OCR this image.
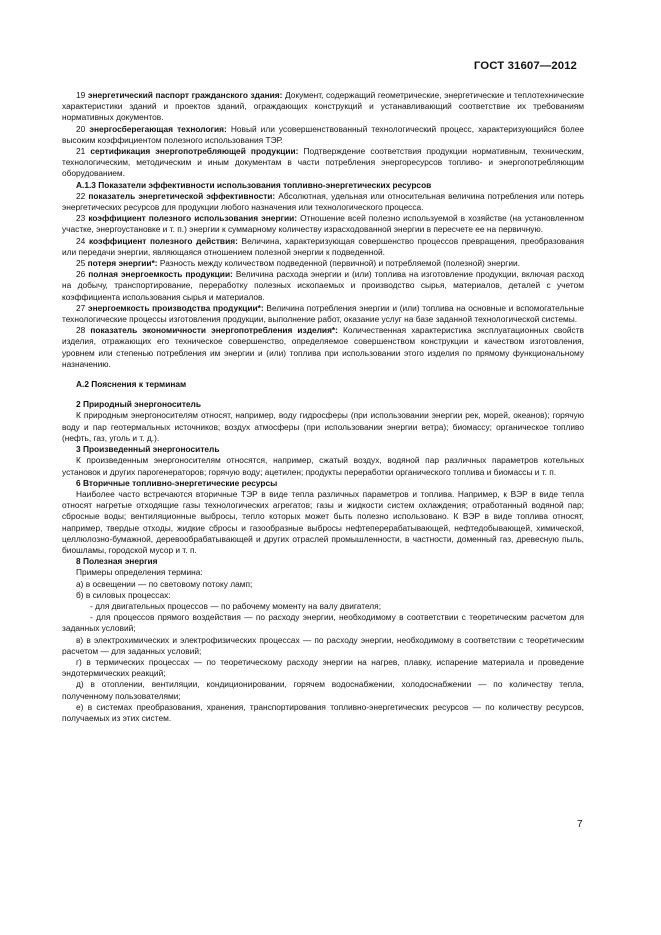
ГОСТ 31607—2012

19 энергетический паспорт гражданского здания: Документ, содержащий геометрические, энергетические и теплотехнические характеристики зданий и проектов зданий, ограждающих конструкций и устанавливающий соответствие их требованиям нормативных документов.

20 энергосберегающая технология: Новый или усовершенствованный технологический процесс, характеризующийся более высоким коэффициентом полезного использования ТЭР.

21 сертификация энергопотребляющей продукции: Подтверждение соответствия продукции нормативным, техническим, технологическим, методическим и иным документам в части потребления энергоресурсов топливо- и энергопотребляющим оборудованием.

А.1.3 Показатели эффективности использования топливно-энергетических ресурсов

22 показатель энергетической эффективности: Абсолютная, удельная или относительная величина потребления или потерь энергетических ресурсов для продукции любого назначения или технологического процесса.

23 коэффициент полезного использования энергии: Отношение всей полезно используемой в хозяйстве (на установленном участке, энергоустановке и т. п.) энергии к суммарному количеству израсходованной энергии в пересчете ее на первичную.

24 коэффициент полезного действия: Величина, характеризующая совершенство процессов превращения, преобразования или передачи энергии, являющаяся отношением полезной энергии к подведенной.

25 потеря энергии*: Разность между количеством подведенной (первичной) и потребляемой (полезной) энергии.

26 полная энергоемкость продукции: Величина расхода энергии и (или) топлива на изготовление продукции, включая расход на добычу, транспортирование, переработку полезных ископаемых и производство сырья, материалов, деталей с учетом коэффициента использования сырья и материалов.

27 энергоемкость производства продукции*: Величина потребления энергии и (или) топлива на основные и вспомогательные технологические процессы изготовления продукции, выполнение работ, оказание услуг на базе заданной технологической системы.

28 показатель экономичности энергопотребления изделия*: Количественная характеристика эксплуатационных свойств изделия, отражающих его техническое совершенство, определяемое совершенством конструкции и качеством изготовления, уровнем или степенью потребления им энергии и (или) топлива при использовании этого изделия по прямому функциональному назначению.

А.2 Пояснения к терминам

2 Природный энергоноситель

К природным энергоносителям относят, например, воду гидросферы (при использовании энергии рек, морей, океанов); горячую воду и пар геотермальных источников; воздух атмосферы (при использовании энергии ветра); биомассу; органическое топливо (нефть, газ, уголь и т. д.).

3 Произведенный энергоноситель

К произведенным энергоносителям относятся, например, сжатый воздух, водяной пар различных параметров котельных установок и других парогенераторов; горячую воду; ацетилен; продукты переработки органического топлива и биомассы и т. п.

6 Вторичные топливно-энергетические ресурсы

Наиболее часто встречаются вторичные ТЭР в виде тепла различных параметров и топлива. Например, к ВЭР в виде тепла относят нагретые отходящие газы технологических агрегатов; газы и жидкости систем охлаждения; отработанный водяной пар; сбросные воды; вентиляционные выбросы, тепло которых может быть полезно использовано. К ВЭР в виде топлива относят, например, твердые отходы, жидкие сбросы и газообразные выбросы нефтеперерабатывающей, нефтедобывающей, химической, целлюлозно-бумажной, деревообрабатывающей и других отраслей промышленности, в частности, доменный газ, древесную пыль, биошламы, городской мусор и т. п.

8 Полезная энергия

Примеры определения термина:

а) в освещении — по световому потоку ламп;

б) в силовых процессах:

- для двигательных процессов — по рабочему моменту на валу двигателя;

- для процессов прямого воздействия — по расходу энергии, необходимому в соответствии с теоретическим расчетом для заданных условий;

в) в электрохимических и электрофизических процессах — по расходу энергии, необходимому в соответствии с теоретическим расчетом — для заданных условий;

г) в термических процессах — по теоретическому расходу энергии на нагрев, плавку, испарение материала и проведение эндотермических реакций;

д) в отоплении, вентиляции, кондиционировании, горячем водоснабжении, холодоснабжении — по количеству тепла, полученному пользователями;

е) в системах преобразования, хранения, транспортирования топливно-энергетических ресурсов — по количеству ресурсов, получаемых из этих систем.

7
